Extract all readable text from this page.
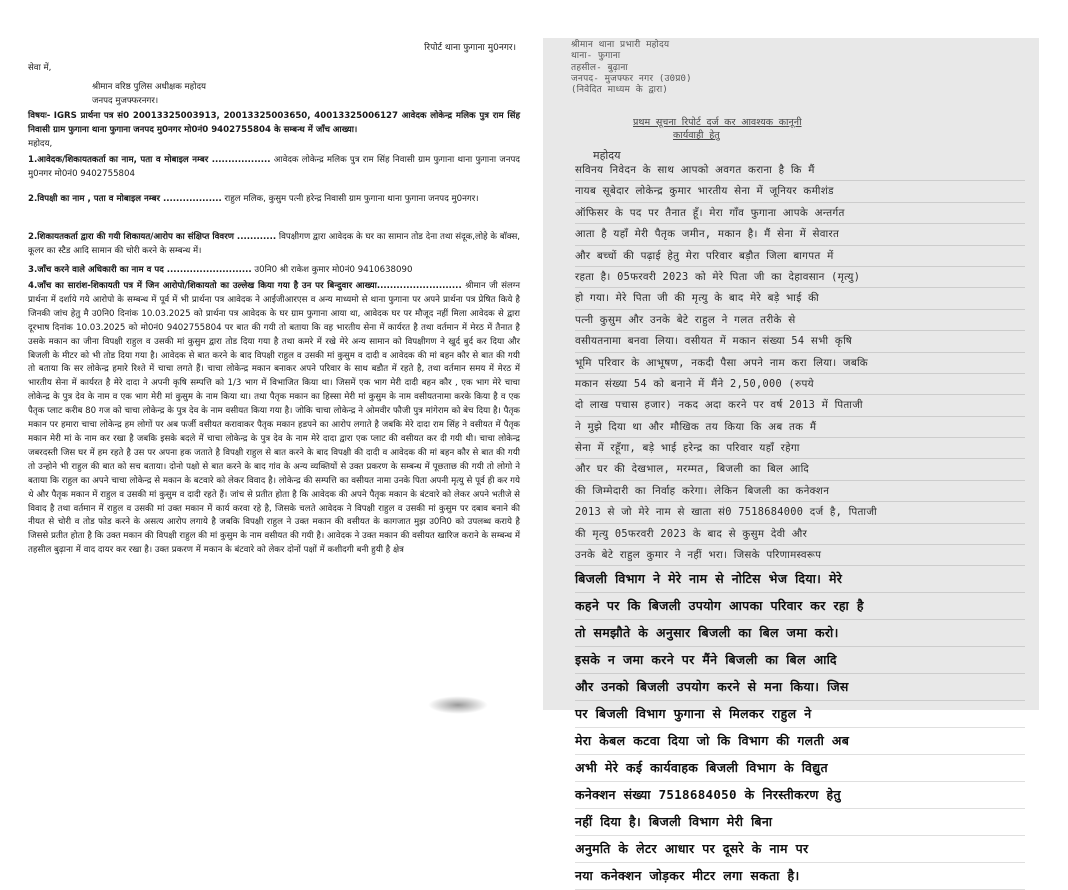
रिपोर्ट थाना फुगाना मु0नगर।

सेवा में,

श्रीमान वरिष्ठ पुलिस अधीक्षक महोदय

जनपद मुजफ्फरनगर।

विषयः- IGRS प्रार्थना पत्र सं0 20013325003913, 20013325003650, 40013325006127 आवेदक लोकेन्द्र मलिक पुत्र राम सिंह निवासी ग्राम फुगाना थाना फुगाना जनपद मु0नगर मो0नं0 9402755804 के सम्बन्ध में जाँच आख्या।

महोदय,

1.आवेदक/शिकायतकर्ता का नाम, पता व मोबाइल नम्बर .................. आवेदक लोकेन्द्र मलिक पुत्र राम सिंह निवासी ग्राम फुगाना थाना फुगाना जनपद मु0नगर मो0नं0 9402755804

2.विपक्षी का नाम , पता व मोबाइल नम्बर .................. राहुल मलिक, कुसुम पत्नी हरेन्द्र निवासी ग्राम फुगाना थाना फुगाना जनपद मु0नगर।

2.शिकायतकर्ता द्वारा की गयी शिकायत/आरोप का संक्षिप्त विवरण ............ विपक्षीगण द्वारा आवेदक के घर का सामान तोड देना तथा संदूक,लोहे के बॉक्स, कूलर का स्टैड आदि सामान की चोरी करने के सम्बन्ध में।

3.जाँच करने वाले अधिकारी का नाम व पद .......................... उ0नि0 श्री राकेश कुमार मो0नं0 9410638090

4.जाँच का सारांश-शिकायती पत्र में जिन आरोपो/शिकायतो का उल्लेख किया गया है उन पर बिन्दुवार आख्या.......................... श्रीमान जी संलग्न प्रार्थना में दर्शाये गये आरोपो के सम्बन्ध में पूर्व में भी प्रार्थना पत्र आवेदक ने आईजीआरएस व अन्य माध्यमो से थाना फुगाना पर अपने प्रार्थना पत्र प्रेषित किये है जिनकी जांच हेतु मै उ0नि0 दिनांक 10.03.2025 को प्रार्थना पत्र आवेदक के घर ग्राम फुगाना आया था, आवेदक घर पर मौजूद नहीं मिला आवेदक से द्वारा दूरभाष दिनांक 10.03.2025 को मो0नं0 9402755804 पर बात की गयी तो बताया कि वह भारतीय सेना में कार्यरत है तथा वर्तमान में मेरठ में तैनात है उसके मकान का जीना विपक्षी राहुल व उसकी मां कुसुम द्वारा तोड दिया गया है तथा कमरे में रखे मेरे अन्य सामान को विपक्षीगण ने खुर्द बुर्द कर दिया और बिजली के मीटर को भी तोड दिया गया है। आवेदक से बात करने के बाद विपक्षी राहुल व उसकी मां कुसुम व दादी व आवेदक की मां बहन कौर से बात की गयी तो बताया कि सर लोकेन्द्र हमारे रिश्ते में चाचा लगते हैं। चाचा लोकेन्द्र मकान बनाकर अपने परिवार के साथ बडौत में रहते है, तथा वर्तमान समय में मेरठ में भारतीय सेना में कार्यरत है मेरे दादा ने अपनी कृषि सम्पत्ति को 1/3 भाग में विभाजित किया था। जिसमें एक भाग मेरी दादी बहन कौर , एक भाग मेरे चाचा लोकेन्द्र के पुत्र देव के नाम व एक भाग मेरी मां कुसुम के नाम किया था। तथा पैतृक मकान का हिस्सा मेरी मां कुसुम के नाम वसीयतनामा करके किया है व एक पैतृक प्लाट करीब 80 गज को चाचा लोकेन्द्र के पुत्र देव के नाम वसीयत किया गया है। जोकि चाचा लोकेन्द्र ने ओमवीर फौजी पुत्र मांगेराम को बेच दिया है। पैतृक मकान पर हमारा चाचा लोकेन्द्र हम लोगों पर अब फर्जी वसीयत करावाकर पैतृक मकान हडपने का आरोप लगाते है जबकि मेरे दादा राम सिंह ने वसीयत में पैतृक मकान मेरी मां के नाम कर रखा है जबकि इसके बदले में चाचा लोकेन्द्र के पुत्र देव के नाम मेरे दादा द्वारा एक प्लाट की वसीयत कर दी गयी थी। चाचा लोकेन्द्र जबरदस्ती जिस घर में हम रहते है उस पर अपना हक जताते है विपक्षी राहुल से बात करने के बाद विपक्षी की दादी व आवेदक की मां बहन कौर से बात की गयी तो उन्होने भी राहुल की बात को सच बताया। दोनो पक्षो से बात करने के बाद गांव के अन्य व्यक्तियों से उक्त प्रकरण के सम्बन्ध में पूछताछ की गयी तो लोगो ने बताया कि राहुल का अपने चाचा लोकेन्द्र से मकान के बटवारे को लेकर विवाद है। लोकेन्द्र की सम्पत्ति का वसीयत नामा उनके पिता अपनी मृत्यु से पूर्व ही कर गये थे और पैतृक मकान में राहुल व उसकी मां कुसुम व दादी रहते हैं। जांच से प्रतीत होता है कि आवेदक की अपने पैतृक मकान के बंटवारे को लेकर अपने भतीजे से विवाद है तथा वर्तमान में राहुल व उसकी मां उक्त मकान में कार्य करवा रहे है, जिसके चलते आवेदक ने विपक्षी राहुल व उसकी मां कुसुम पर दबाव बनाने की नीयत से चोरी व तोड फोड करने के असत्य आरोप लगाये है जबकि विपक्षी राहुल ने उक्त मकान की वसीयत के कागजात मुझ उ0नि0 को उपलब्ध कराये है जिससे प्रतीत होता है कि उक्त मकान की विपक्षी राहुल की मां कुसुम के नाम वसीयत की गयी है। आवेदक ने उक्त मकान की वसीयत खारिज कराने के सम्बन्ध में तहसील बुढ़ाना में वाद दायर कर रखा है। उक्त प्रकरण में मकान के बंटवारे को लेकर दोनों पक्षों में कशीदगी बनी हुयी है क्षेत्र

श्रीमान थाना प्रभारी महोदय
थाना- फुगाना
तहसील- बुढ़ाना
जनपद- मुजफ्फर नगर (उ0प्र0)
(निवेदित माध्यम के द्वारा)
प्रथम सूचना रिपोर्ट दर्ज कर आवश्यक कानूनी
कार्यवाही हेतु
महोदय
सविनय निवेदन के साथ आपको अवगत कराना है कि मैं
नायब सूबेदार लोकेन्द्र कुमार भारतीय सेना में जूनियर कमीशंड
ऑफिसर के पद पर तैनात हूँ। मेरा गाँव फुगाना आपके अन्तर्गत
आता है यहाँ मेरी पैतृक जमीन, मकान है। मैं सेना में सेवारत
और बच्चों की पढ़ाई हेतु मेरा परिवार बड़ौत जिला बागपत में
रहता है। 05फरवरी 2023 को मेरे पिता जी का देहावसान (मृत्यु)
हो गया। मेरे पिता जी की मृत्यु के बाद मेरे बड़े भाई की
पत्नी कुसुम और उनके बेटे राहुल ने गलत तरीके से
वसीयतनामा बनवा लिया। वसीयत में मकान संख्या 54 सभी कृषि
भूमि परिवार के आभूषण, नकदी पैसा अपने नाम करा लिया। जबकि
मकान संख्या 54 को बनाने में मैंने 2,50,000 (रुपये
दो लाख पचास हजार) नकद अदा करने पर वर्ष 2013 में पिताजी
ने मुझे दिया था और मौखिक तय किया कि अब तक मैं
सेना में रहूँगा, बड़े भाई हरेन्द्र का परिवार यहाँ रहेगा
और घर की देखभाल, मरम्मत, बिजली का बिल आदि
की जिम्मेदारी का निर्वाह करेगा। लेकिन बिजली का कनेक्शन
2013 से जो मेरे नाम से खाता सं0 7518684000 दर्ज है, पिताजी
की मृत्यु 05फरवरी 2023 के बाद से कुसुम देवी और
उनके बेटे राहुल कुमार ने नहीं भरा। जिसके परिणामस्वरूप
बिजली विभाग ने मेरे नाम से नोटिस भेज दिया। मेरे
कहने पर कि बिजली उपयोग आपका परिवार कर रहा है
तो समझौते के अनुसार बिजली का बिल जमा करो।
इसके न जमा करने पर मैंने बिजली का बिल आदि
और उनको बिजली उपयोग करने से मना किया। जिस
पर बिजली विभाग फुगाना से मिलकर राहुल ने
मेरा केबल कटवा दिया जो कि विभाग की गलती अब
अभी मेरे कई कार्यवाहक बिजली विभाग के विद्युत
कनेक्शन संख्या 7518684050 के निरस्तीकरण हेतु
नहीं दिया है। बिजली विभाग मेरी बिना
अनुमति के लेटर आधार पर दूसरे के नाम पर
नया कनेक्शन जोड़कर मीटर लगा सकता है।
